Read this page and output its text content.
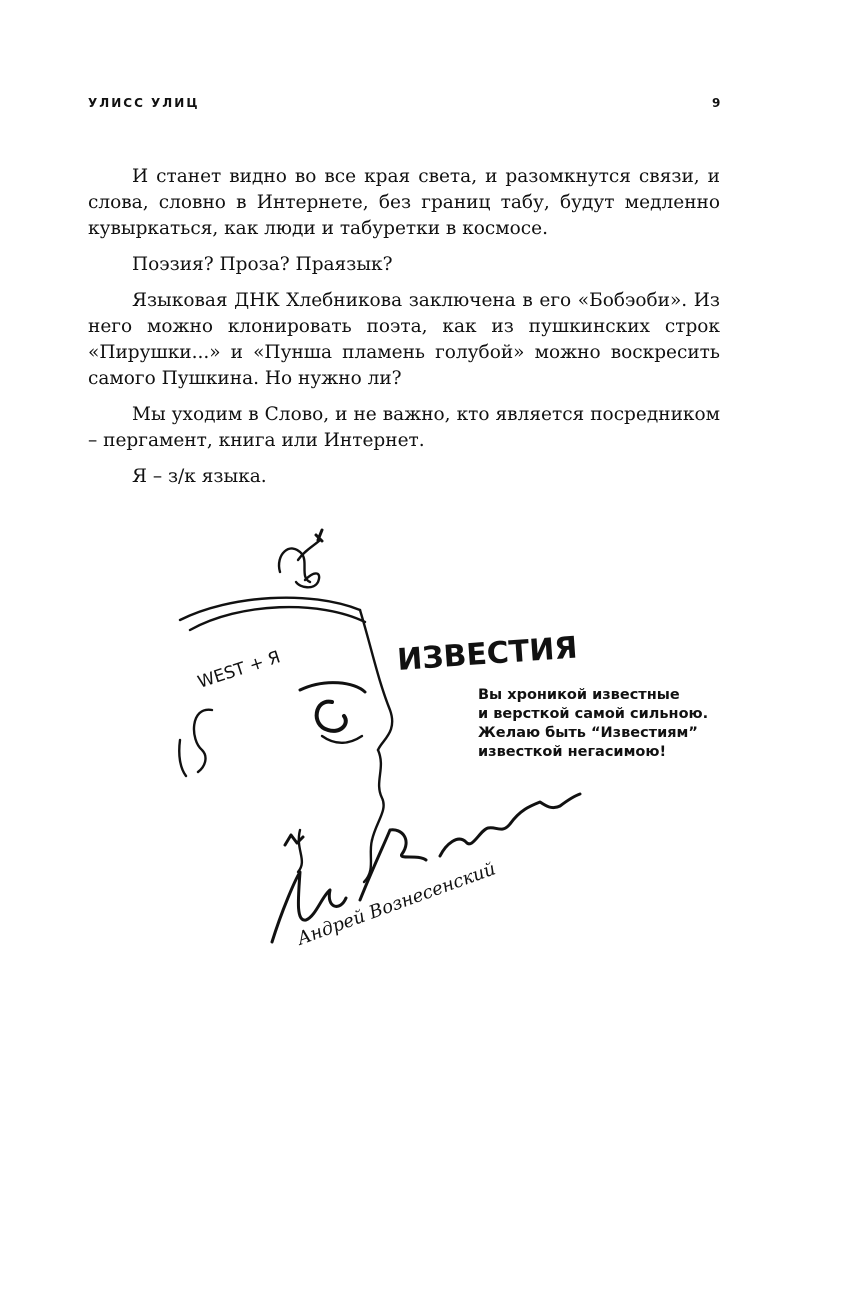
УЛИСС УЛИЦ	9

И станет видно во все края света, и разомкнутся связи, и слова, словно в Интернете, без границ табу, будут медленно кувыркаться, как люди и табуретки в космосе.

Поэзия? Проза? Праязык?

Языковая ДНК Хлебникова заключена в его «Бобэоби». Из него можно клонировать поэта, как из пушкинских строк «Пирушки...» и «Пунша пламень голубой» можно воскресить самого Пушкина. Но нужно ли?

Мы уходим в Слово, и не важно, кто является посредником – пергамент, книга или Интернет.

Я – з/к языка.

WEST + Я
Андрей Вознесенский
ИЗВЕСТИЯ
Вы хроникой известные
и версткой самой сильною.
Желаю быть “Известиям”
известкой негасимою!
